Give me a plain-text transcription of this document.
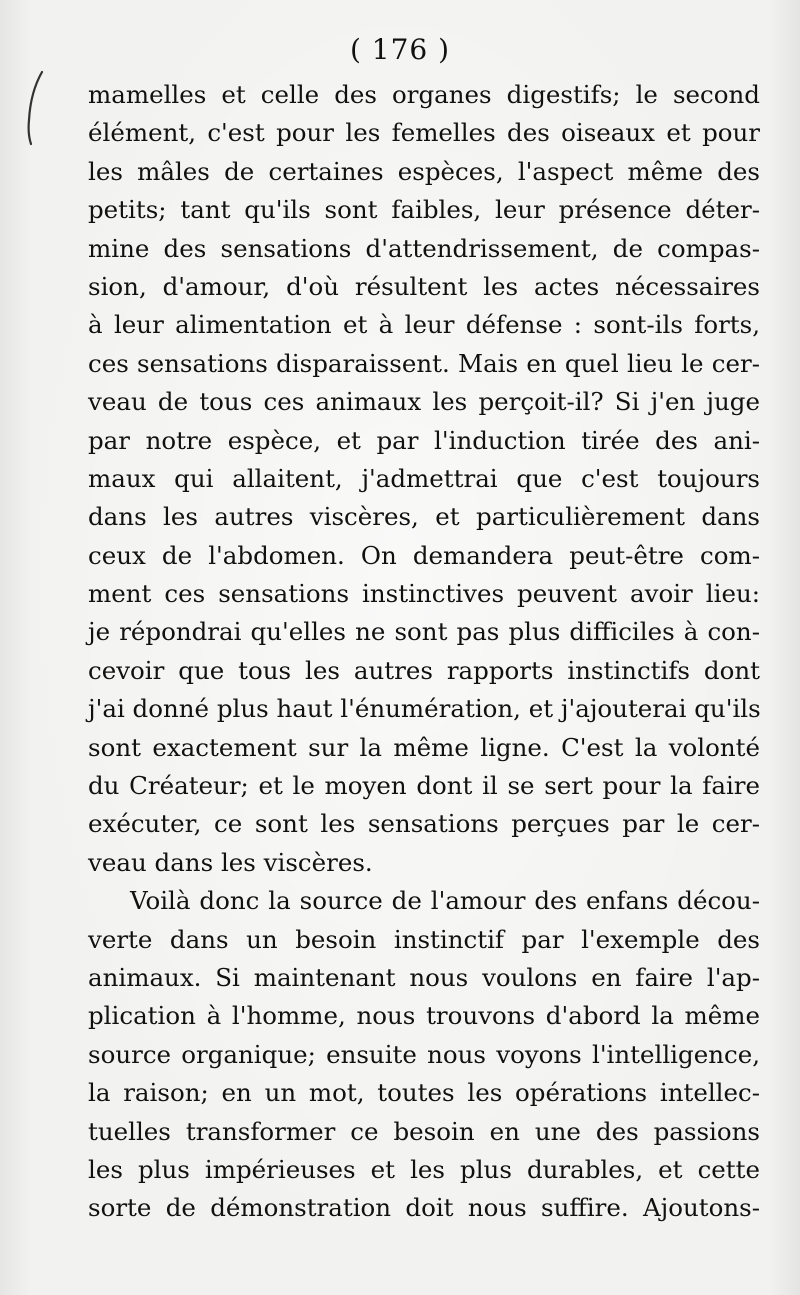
( 176 )
mamelles et celle des organes digestifs; le second
élément, c'est pour les femelles des oiseaux et pour
les mâles de certaines espèces, l'aspect même des
petits; tant qu'ils sont faibles, leur présence déter-
mine des sensations d'attendrissement, de compas-
sion, d'amour, d'où résultent les actes nécessaires
à leur alimentation et à leur défense : sont-ils forts,
ces sensations disparaissent. Mais en quel lieu le cer-
veau de tous ces animaux les perçoit-il? Si j'en juge
par notre espèce, et par l'induction tirée des ani-
maux qui allaitent, j'admettrai que c'est toujours
dans les autres viscères, et particulièrement dans
ceux de l'abdomen. On demandera peut-être com-
ment ces sensations instinctives peuvent avoir lieu:
je répondrai qu'elles ne sont pas plus difficiles à con-
cevoir que tous les autres rapports instinctifs dont
j'ai donné plus haut l'énumération, et j'ajouterai qu'ils
sont exactement sur la même ligne. C'est la volonté
du Créateur; et le moyen dont il se sert pour la faire
exécuter, ce sont les sensations perçues par le cer-
veau dans les viscères.
Voilà donc la source de l'amour des enfans décou-
verte dans un besoin instinctif par l'exemple des
animaux. Si maintenant nous voulons en faire l'ap-
plication à l'homme, nous trouvons d'abord la même
source organique; ensuite nous voyons l'intelligence,
la raison; en un mot, toutes les opérations intellec-
tuelles transformer ce besoin en une des passions
les plus impérieuses et les plus durables, et cette
sorte de démonstration doit nous suffire. Ajoutons-
